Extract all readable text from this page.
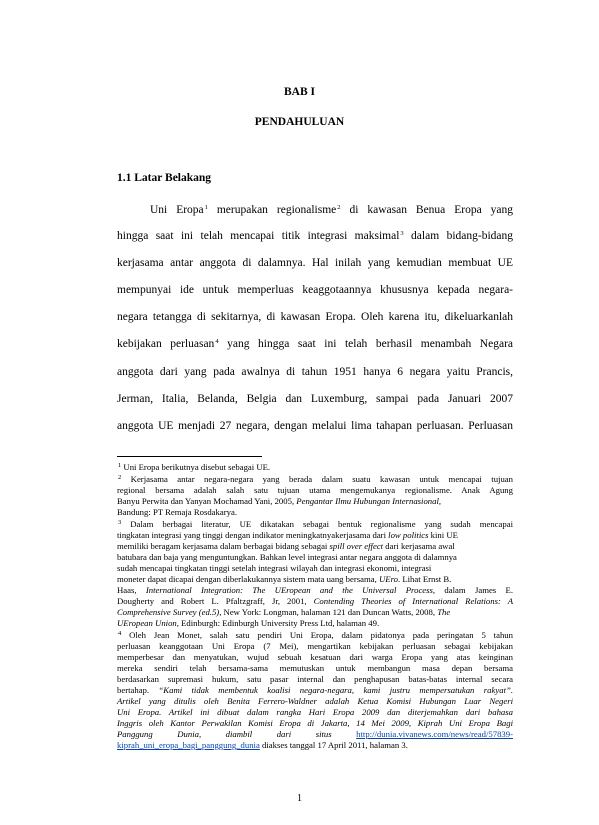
BAB I
PENDAHULUAN
1.1 Latar Belakang
Uni Eropa$^1$ merupakan regionalisme$^2$ di kawasan Benua Eropa yang
hingga saat ini telah mencapai titik integrasi maksimal$^3$ dalam bidang-bidang
kerjasama antar anggota di dalamnya. Hal inilah yang kemudian membuat UE
mempunyai ide untuk memperluas keaggotaannya khususnya kepada negara-
negara tetangga di sekitarnya, di kawasan Eropa. Oleh karena itu, dikeluarkanlah
kebijakan perluasan$^4$ yang hingga saat ini telah berhasil menambah Negara
anggota dari yang pada awalnya di tahun 1951 hanya 6 negara yaitu Prancis,
Jerman, Italia, Belanda, Belgia dan Luxemburg, sampai pada Januari 2007
anggota UE menjadi 27 negara, dengan melalui lima tahapan perluasan. Perluasan
$^1$ Uni Eropa berikutnya disebut sebagai UE.
$^2$ Kerjasama antar negara-negara yang berada dalam suatu kawasan untuk mencapai tujuan
regional bersama adalah salah satu tujuan utama mengemukanya regionalisme. Anak Agung
Banyu Perwita dan Yanyan Mochamad Yani, 2005, Pengantar Ilmu Hubungan Internasional,
Bandung: PT Remaja Rosdakarya.
$^3$ Dalam berbagai literatur, UE dikatakan sebagai bentuk regionalisme yang sudah mencapai
tingkatan integrasi yang tinggi dengan indikator meningkatnyakerjasama dari low politics kini UE
memiliki beragam kerjasama dalam berbagai bidang sebagai spill over effect dari kerjasama awal
batubara dan baja yang menguntungkan. Bahkan level integrasi antar negara anggota di dalamnya
sudah mencapai tingkatan tinggi setelah integrasi wilayah dan integrasi ekonomi, integrasi
moneter dapat dicapai dengan diberlakukannya sistem mata uang bersama, UEro. Lihat Ernst B.
Haas, International Integration: The UEropean and the Universal Process, dalam James E.
Dougherty and Robert L. Pfaltzgraff, Jr, 2001, Contending Theories of International Relations: A
Comprehensive Survey (ed.5), New York: Longman, halaman 121 dan Duncan Watts, 2008, The
UEropean Union, Edinburgh: Edinburgh University Press Ltd, halaman 49.
$^4$ Oleh Jean Monet, salah satu pendiri Uni Eropa, dalam pidatonya pada peringatan 5 tahun
perluasan keanggotaan Uni Eropa (7 Mei), mengartikan kebijakan perluasan sebagai kebijakan
memperbesar dan menyatukan, wujud sebuah kesatuan dari warga Eropa yang atas keinginan
mereka sendiri telah bersama-sama memutuskan untuk membangun masa depan bersama
berdasarkan supremasi hukum, satu pasar internal dan penghapusan batas-batas internal secara
bertahap. “Kami tidak membentuk koalisi negara-negara, kami justru mempersatukan rakyat”.
Artikel yang ditulis oleh Benita Ferrero-Waldner adalah Ketua Komisi Hubungan Luar Negeri
Uni Eropa. Artikel ini dibuat dalam rangka Hari Eropa 2009 dan diterjemahkan dari bahasa
Inggris oleh Kantor Perwakilan Komisi Eropa di Jakarta, 14 Mei 2009, Kiprah Uni Eropa Bagi
Panggung Dunia, diambil dari situs http://dunia.vivanews.com/news/read/57839-
kiprah_uni_eropa_bagi_panggung_dunia diakses tanggal 17 April 2011, halaman 3.
1
